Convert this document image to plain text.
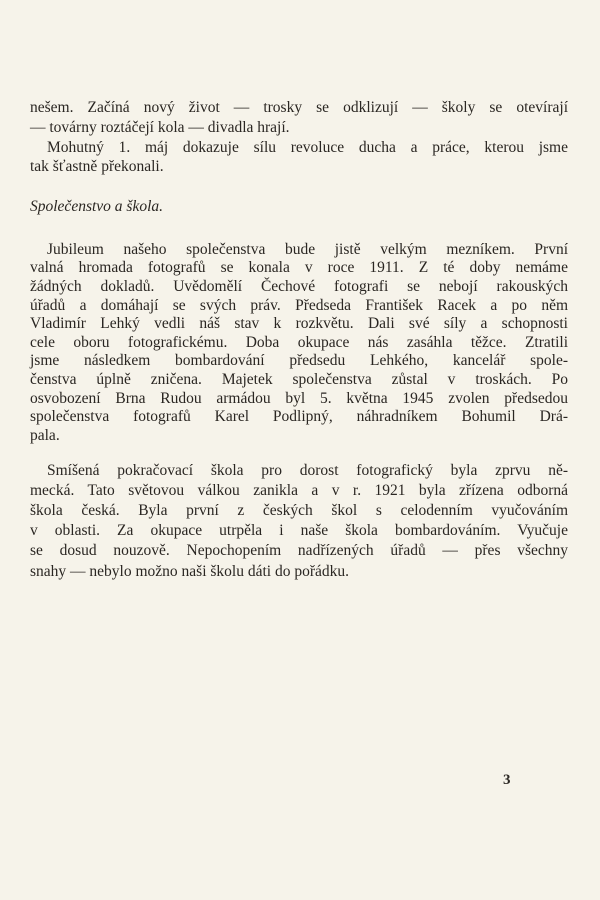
Společenstvo a škola.
3
nešem. Začíná nový život — trosky se odklizují — školy se otevírají
— továrny roztáčejí kola — divadla hrají.
Mohutný 1. máj dokazuje sílu revoluce ducha a práce, kterou jsme
tak šťastně překonali.
Jubileum našeho společenstva bude jistě velkým mezníkem. První
valná hromada fotografů se konala v roce 1911. Z té doby nemáme
žádných dokladů. Uvědomělí Čechové fotografi se nebojí rakouských
úřadů a domáhají se svých práv. Předseda František Racek a po něm
Vladimír Lehký vedli náš stav k rozkvětu. Dali své síly a schopnosti
cele oboru fotografickému. Doba okupace nás zasáhla těžce. Ztratili
jsme následkem bombardování předsedu Lehkého, kancelář spole-
čenstva úplně zničena. Majetek společenstva zůstal v troskách. Po
osvobození Brna Rudou armádou byl 5. května 1945 zvolen předsedou
společenstva fotografů Karel Podlipný, náhradníkem Bohumil Drá-
pala.
Smíšená pokračovací škola pro dorost fotografický byla zprvu ně-
mecká. Tato světovou válkou zanikla a v r. 1921 byla zřízena odborná
škola česká. Byla první z českých škol s celodenním vyučováním
v oblasti. Za okupace utrpěla i naše škola bombardováním. Vyučuje
se dosud nouzově. Nepochopením nadřízených úřadů — přes všechny
snahy — nebylo možno naši školu dáti do pořádku.
